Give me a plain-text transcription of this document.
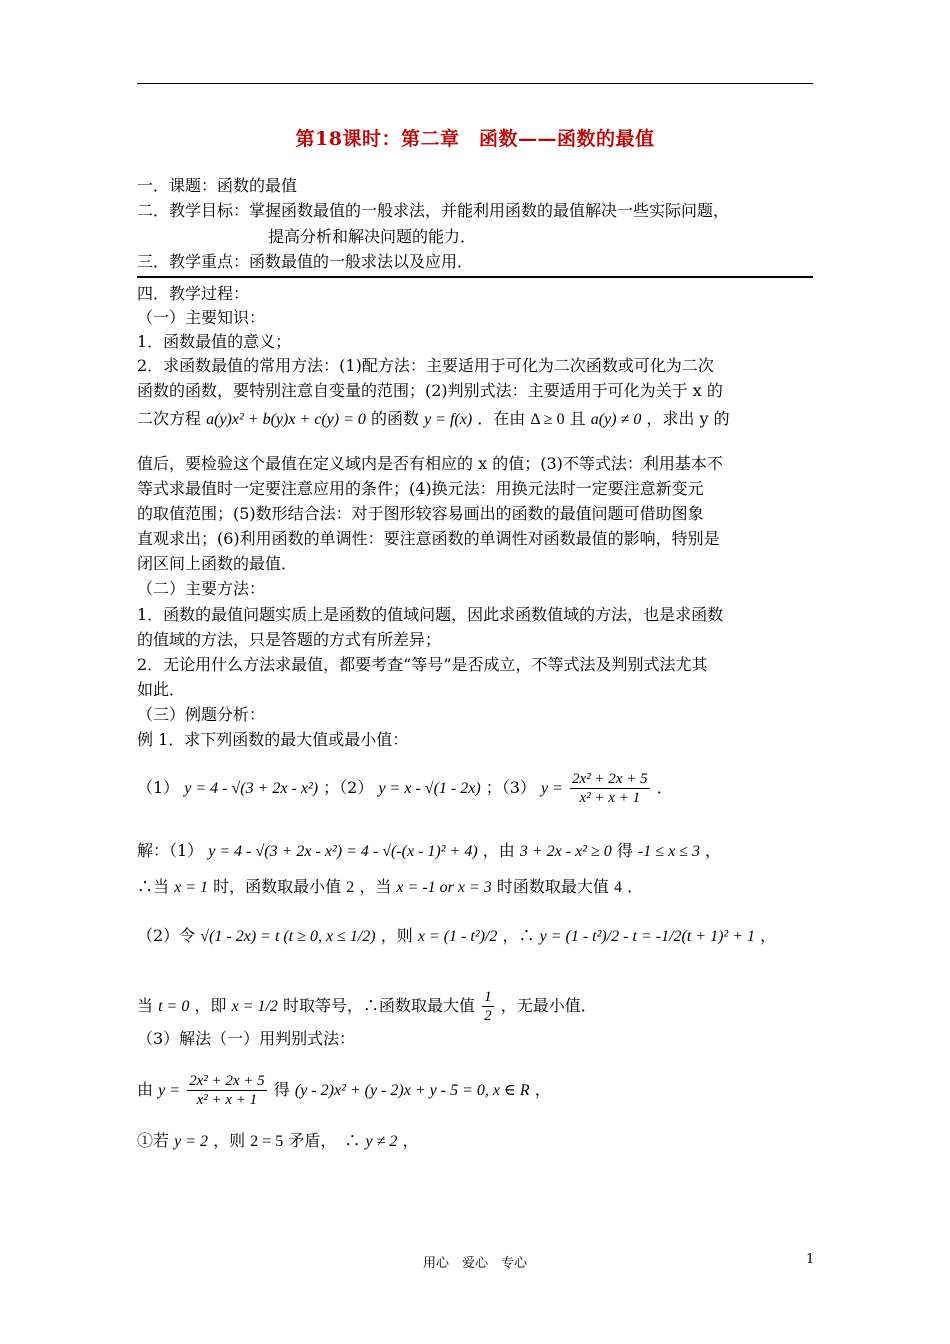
第18课时：第二章　函数——函数的最值
一．课题：函数的最值
二．教学目标：掌握函数最值的一般求法，并能利用函数的最值解决一些实际问题，
提高分析和解决问题的能力．
三．教学重点：函数最值的一般求法以及应用．
四．教学过程：
（一）主要知识：
1．函数最值的意义；
2．求函数最值的常用方法：(1)配方法：主要适用于可化为二次函数或可化为二次
函数的函数，要特别注意自变量的范围；(2)判别式法：主要适用于可化为关于 x 的
二次方程 a(y)x² + b(y)x + c(y) = 0 的函数 y = f(x) ．在由 Δ ≥ 0 且 a(y) ≠ 0 ，求出 y 的
值后，要检验这个最值在定义域内是否有相应的 x 的值；(3)不等式法：利用基本不
等式求最值时一定要注意应用的条件；(4)换元法：用换元法时一定要注意新变元
的取值范围；(5)数形结合法：对于图形较容易画出的函数的最值问题可借助图象
直观求出；(6)利用函数的单调性：要注意函数的单调性对函数最值的影响，特别是
闭区间上函数的最值．
（二）主要方法：
1．函数的最值问题实质上是函数的值域问题，因此求函数值域的方法，也是求函数
的值域的方法，只是答题的方式有所差异；
2．无论用什么方法求最值，都要考查“等号”是否成立，不等式法及判别式法尤其
如此．
（三）例题分析：
例 1．求下列函数的最大值或最小值：
（1） y = 4 - √(3 + 2x - x²) ；（2） y = x - √(1 - 2x) ；（3） $y = \frac{\text{2x² + 2x + 5}}{\text{x² + x + 1}}$ ．
解：（1） y = 4 - √(3 + 2x - x²) = 4 - √(-(x - 1)² + 4) ，由 3 + 2x - x² ≥ 0 得 -1 ≤ x ≤ 3 ，
∴当 x = 1 时，函数取最小值 2 ，当 x = -1 or x = 3 时函数取最大值 4 ．
（2）令 √(1 - 2x) = t (t ≥ 0, x ≤ 1/2) ，则 x = (1 - t²)/2 ，∴ y = (1 - t²)/2 - t = -1/2(t + 1)² + 1 ，
当 t = 0 ，即 x = 1/2 时取等号，∴函数取最大值 $\frac{1}{2}$ ，无最小值．
（3）解法（一）用判别式法：
由 $y = \frac{\text{2x² + 2x + 5}}{\text{x² + x + 1}}$ 得 (y - 2)x² + (y - 2)x + y - 5 = 0, x ∈ R ，
①若 y = 2 ，则 2 = 5 矛盾，　∴ y ≠ 2 ，
用心　爱心　专心	1
